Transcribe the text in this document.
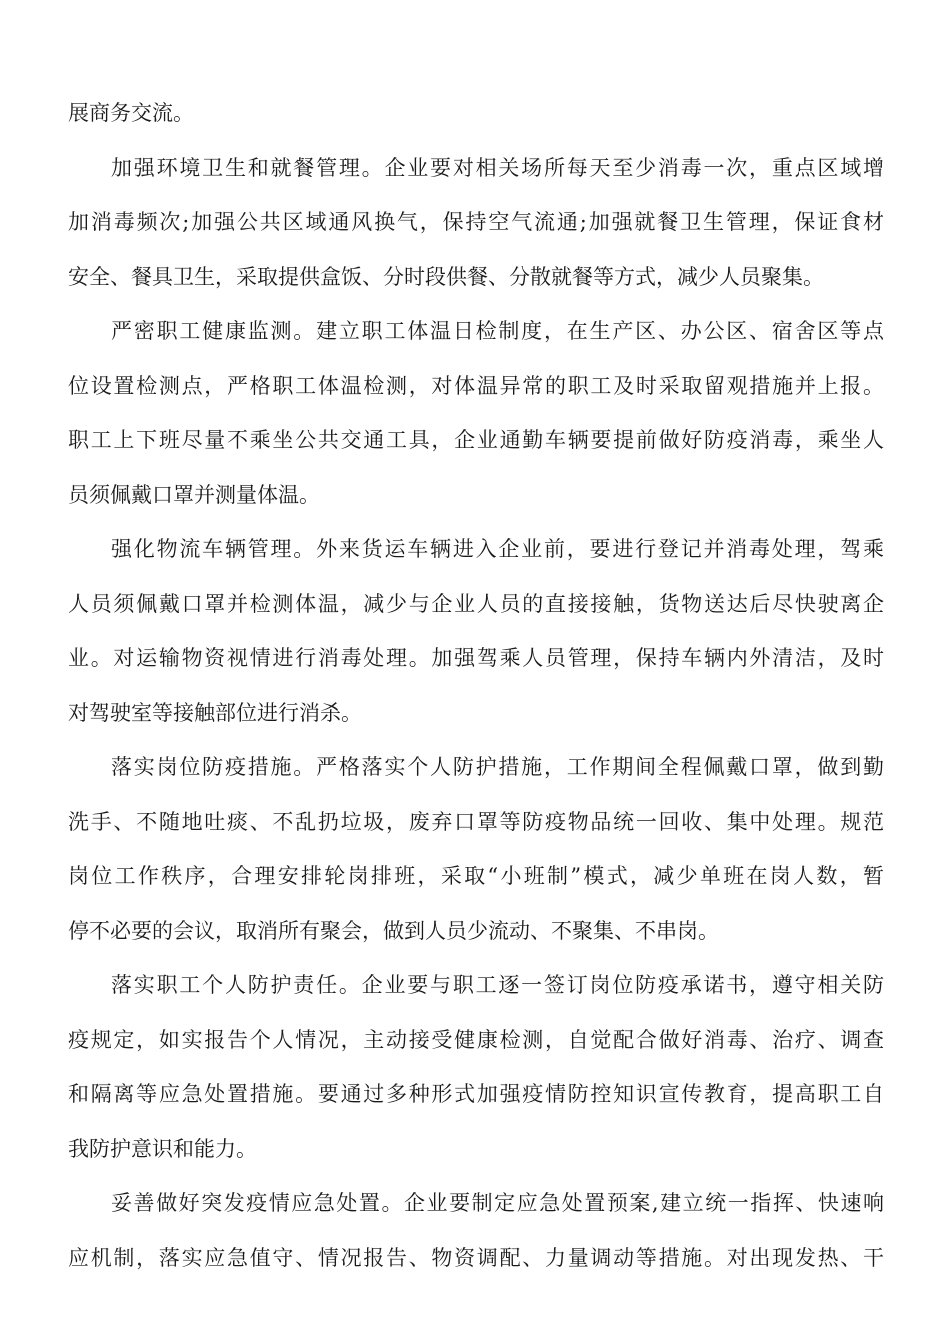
展商务交流。
加强环境卫生和就餐管理。企业要对相关场所每天至少消毒一次，重点区域增
加消毒频次;加强公共区域通风换气，保持空气流通;加强就餐卫生管理，保证食材
安全、餐具卫生，采取提供盒饭、分时段供餐、分散就餐等方式，减少人员聚集。
严密职工健康监测。建立职工体温日检制度，在生产区、办公区、宿舍区等点
位设置检测点，严格职工体温检测，对体温异常的职工及时采取留观措施并上报。
职工上下班尽量不乘坐公共交通工具，企业通勤车辆要提前做好防疫消毒，乘坐人
员须佩戴口罩并测量体温。
强化物流车辆管理。外来货运车辆进入企业前，要进行登记并消毒处理，驾乘
人员须佩戴口罩并检测体温，减少与企业人员的直接接触，货物送达后尽快驶离企
业。对运输物资视情进行消毒处理。加强驾乘人员管理，保持车辆内外清洁，及时
对驾驶室等接触部位进行消杀。
落实岗位防疫措施。严格落实个人防护措施，工作期间全程佩戴口罩，做到勤
洗手、不随地吐痰、不乱扔垃圾，废弃口罩等防疫物品统一回收、集中处理。规范
岗位工作秩序，合理安排轮岗排班，采取“小班制”模式，减少单班在岗人数，暂
停不必要的会议，取消所有聚会，做到人员少流动、不聚集、不串岗。
落实职工个人防护责任。企业要与职工逐一签订岗位防疫承诺书，遵守相关防
疫规定，如实报告个人情况，主动接受健康检测，自觉配合做好消毒、治疗、调查
和隔离等应急处置措施。要通过多种形式加强疫情防控知识宣传教育，提高职工自
我防护意识和能力。
妥善做好突发疫情应急处置。企业要制定应急处置预案,建立统一指挥、快速响
应机制，落实应急值守、情况报告、物资调配、力量调动等措施。对出现发热、干
